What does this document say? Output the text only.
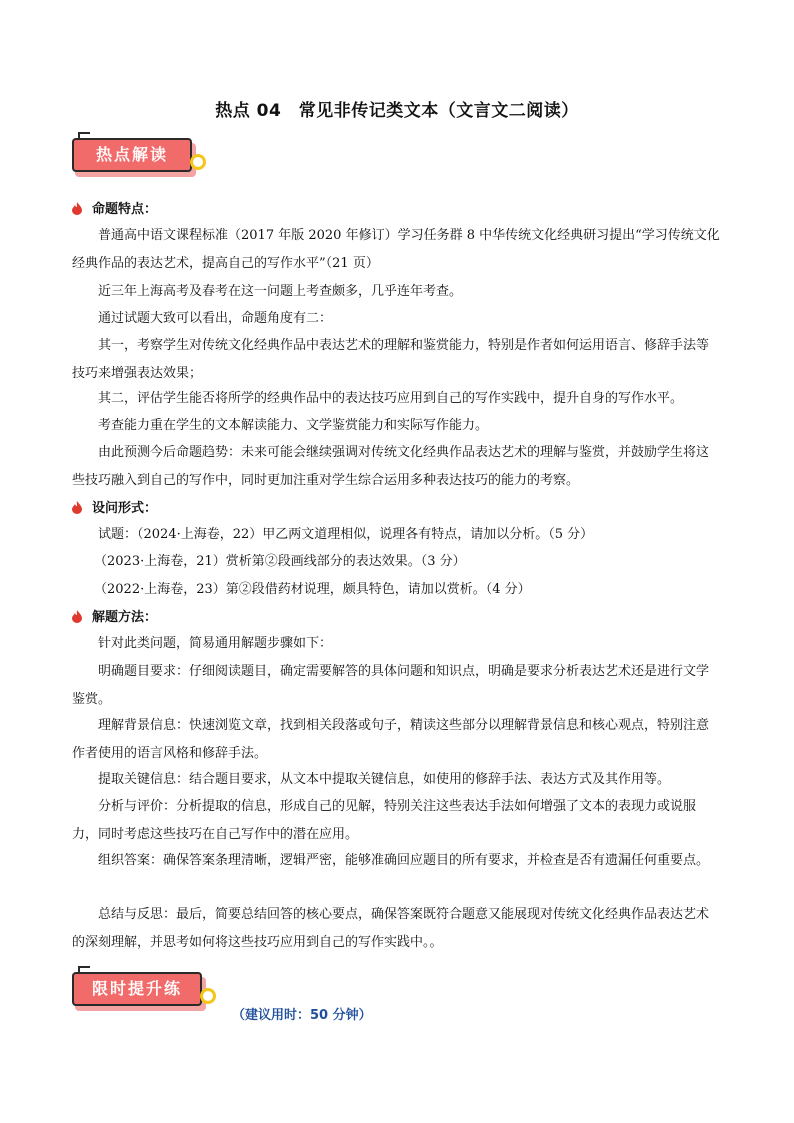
热点 04　常见非传记类文本（文言文二阅读）
热点解读
命题特点：
普通高中语文课程标准（2017 年版 2020 年修订）学习任务群 8 中华传统文化经典研习提出“学习传统文化经典作品的表达艺术，提高自己的写作水平”（21 页）
近三年上海高考及春考在这一问题上考查颇多，几乎连年考查。
通过试题大致可以看出，命题角度有二：
其一，考察学生对传统文化经典作品中表达艺术的理解和鉴赏能力，特别是作者如何运用语言、修辞手法等技巧来增强表达效果；
其二，评估学生能否将所学的经典作品中的表达技巧应用到自己的写作实践中，提升自身的写作水平。
考查能力重在学生的文本解读能力、文学鉴赏能力和实际写作能力。
由此预测今后命题趋势：未来可能会继续强调对传统文化经典作品表达艺术的理解与鉴赏，并鼓励学生将这些技巧融入到自己的写作中，同时更加注重对学生综合运用多种表达技巧的能力的考察。
设问形式：
试题：（2024·上海卷，22）甲乙两文道理相似，说理各有特点，请加以分析。（5 分）
（2023·上海卷，21）赏析第②段画线部分的表达效果。（3 分）
（2022·上海卷，23）第②段借药材说理，颇具特色，请加以赏析。（4 分）
解题方法：
针对此类问题，简易通用解题步骤如下：
明确题目要求：仔细阅读题目，确定需要解答的具体问题和知识点，明确是要求分析表达艺术还是进行文学鉴赏。
理解背景信息：快速浏览文章，找到相关段落或句子，精读这些部分以理解背景信息和核心观点，特别注意作者使用的语言风格和修辞手法。
提取关键信息：结合题目要求，从文本中提取关键信息，如使用的修辞手法、表达方式及其作用等。
分析与评价：分析提取的信息，形成自己的见解，特别关注这些表达手法如何增强了文本的表现力或说服力，同时考虑这些技巧在自己写作中的潜在应用。
组织答案：确保答案条理清晰，逻辑严密，能够准确回应题目的所有要求，并检查是否有遗漏任何重要点。
总结与反思：最后，简要总结回答的核心要点，确保答案既符合题意又能展现对传统文化经典作品表达艺术的深刻理解，并思考如何将这些技巧应用到自己的写作实践中。。
限时提升练
（建议用时：50 分钟）
